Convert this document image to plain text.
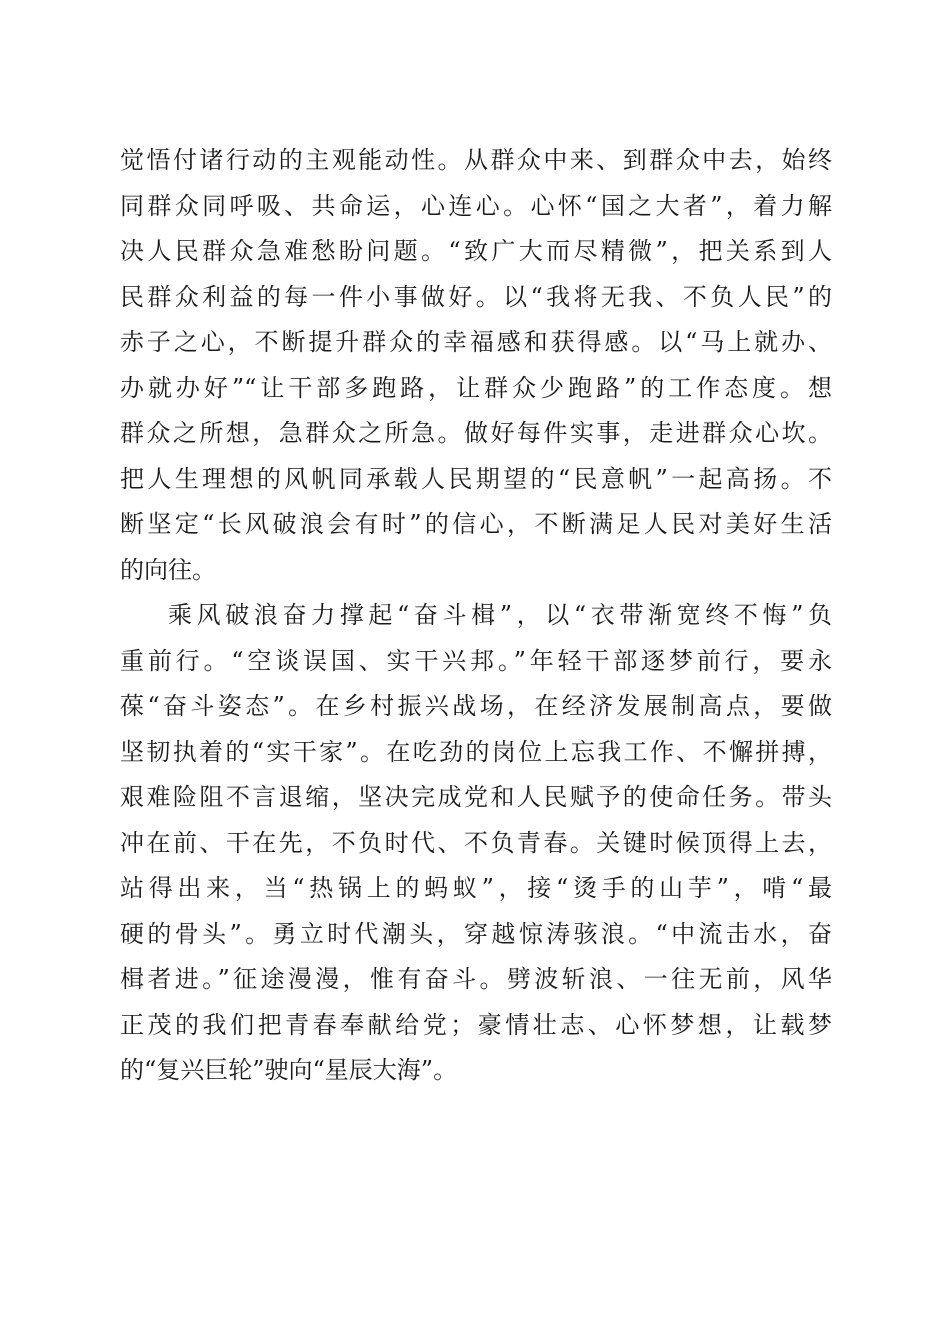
觉悟付诸行动的主观能动性。从群众中来、到群众中去，始终
同群众同呼吸、共命运，心连心。心怀“国之大者”，着力解
决人民群众急难愁盼问题。“致广大而尽精微”，把关系到人
民群众利益的每一件小事做好。以“我将无我、不负人民”的
赤子之心，不断提升群众的幸福感和获得感。以“马上就办、
办就办好”“让干部多跑路，让群众少跑路”的工作态度。想
群众之所想，急群众之所急。做好每件实事，走进群众心坎。
把人生理想的风帆同承载人民期望的“民意帆”一起高扬。不
断坚定“长风破浪会有时”的信心，不断满足人民对美好生活
的向往。
乘风破浪奋力撑起“奋斗楫”，以“衣带渐宽终不悔”负
重前行。“空谈误国、实干兴邦。”年轻干部逐梦前行，要永
葆“奋斗姿态”。在乡村振兴战场，在经济发展制高点，要做
坚韧执着的“实干家”。在吃劲的岗位上忘我工作、不懈拼搏，
艰难险阻不言退缩，坚决完成党和人民赋予的使命任务。带头
冲在前、干在先，不负时代、不负青春。关键时候顶得上去，
站得出来，当“热锅上的蚂蚁”，接“烫手的山芋”，啃“最
硬的骨头”。勇立时代潮头，穿越惊涛骇浪。“中流击水，奋
楫者进。”征途漫漫，惟有奋斗。劈波斩浪、一往无前，风华
正茂的我们把青春奉献给党；豪情壮志、心怀梦想，让载梦
的“复兴巨轮”驶向“星辰大海”。
